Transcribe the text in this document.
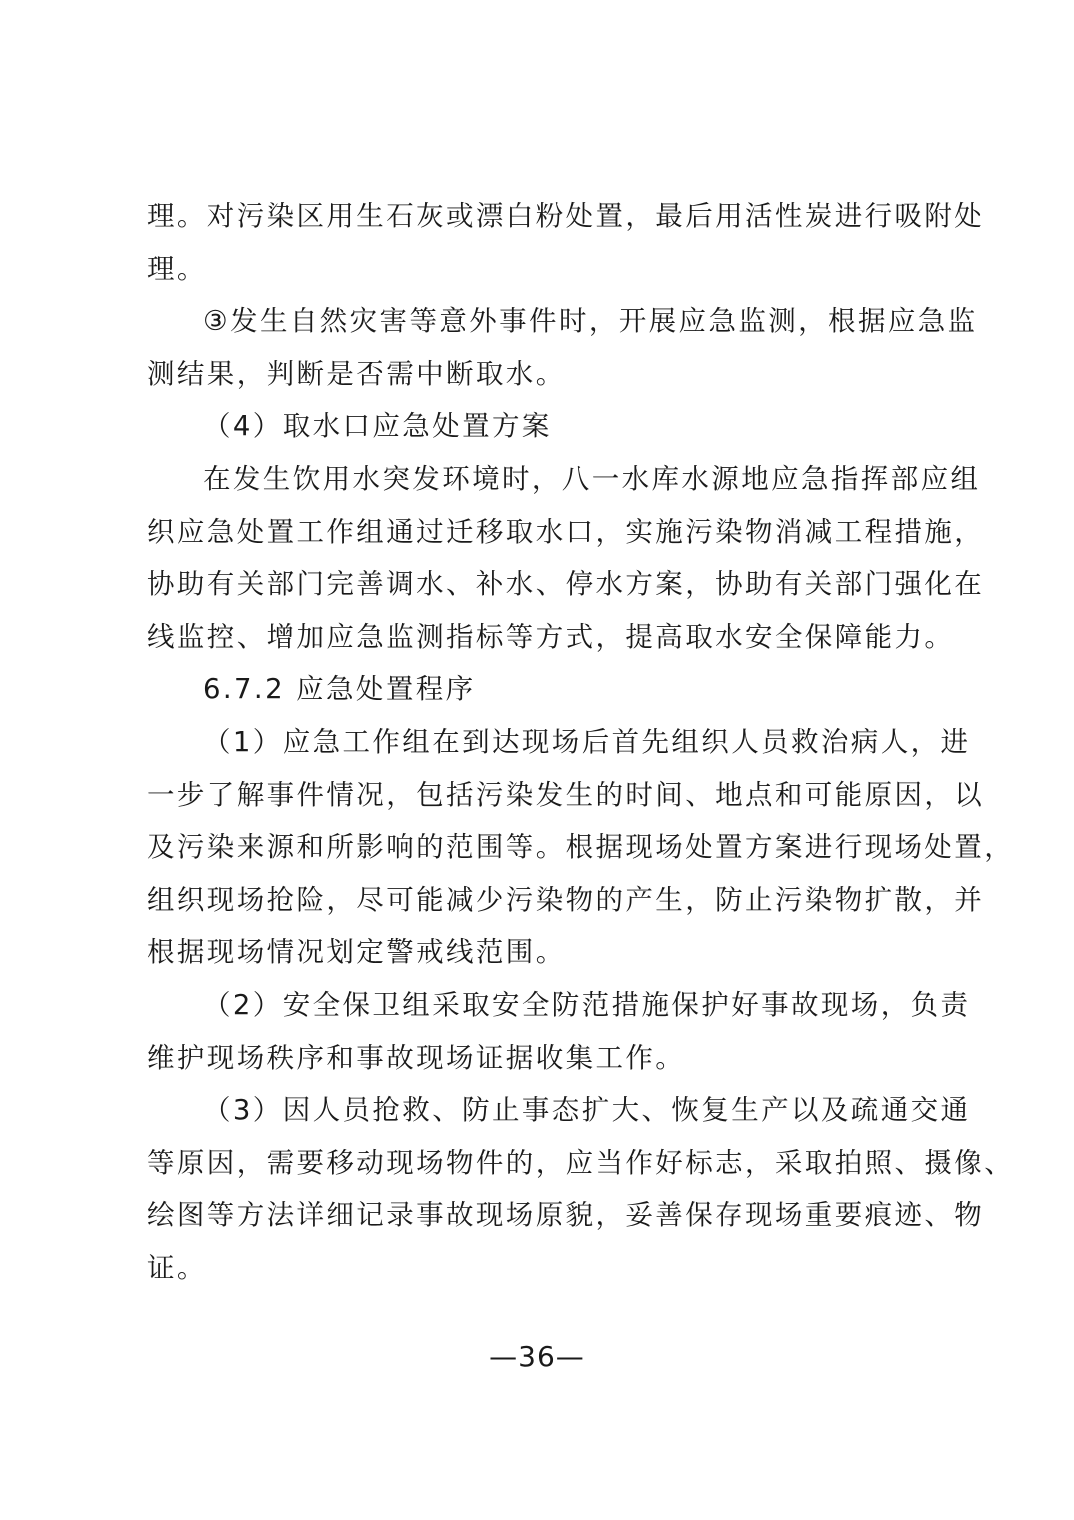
理。对污染区用生石灰或漂白粉处置，最后用活性炭进行吸附处
理。
③发生自然灾害等意外事件时，开展应急监测，根据应急监
测结果，判断是否需中断取水。
（4）取水口应急处置方案
在发生饮用水突发环境时，八一水库水源地应急指挥部应组
织应急处置工作组通过迁移取水口，实施污染物消减工程措施，
协助有关部门完善调水、补水、停水方案，协助有关部门强化在
线监控、增加应急监测指标等方式，提高取水安全保障能力。
6.7.2 应急处置程序
（1）应急工作组在到达现场后首先组织人员救治病人，进
一步了解事件情况，包括污染发生的时间、地点和可能原因，以
及污染来源和所影响的范围等。根据现场处置方案进行现场处置，
组织现场抢险，尽可能减少污染物的产生，防止污染物扩散，并
根据现场情况划定警戒线范围。
（2）安全保卫组采取安全防范措施保护好事故现场，负责
维护现场秩序和事故现场证据收集工作。
（3）因人员抢救、防止事态扩大、恢复生产以及疏通交通
等原因，需要移动现场物件的，应当作好标志，采取拍照、摄像、
绘图等方法详细记录事故现场原貌，妥善保存现场重要痕迹、物
证。
—36—
